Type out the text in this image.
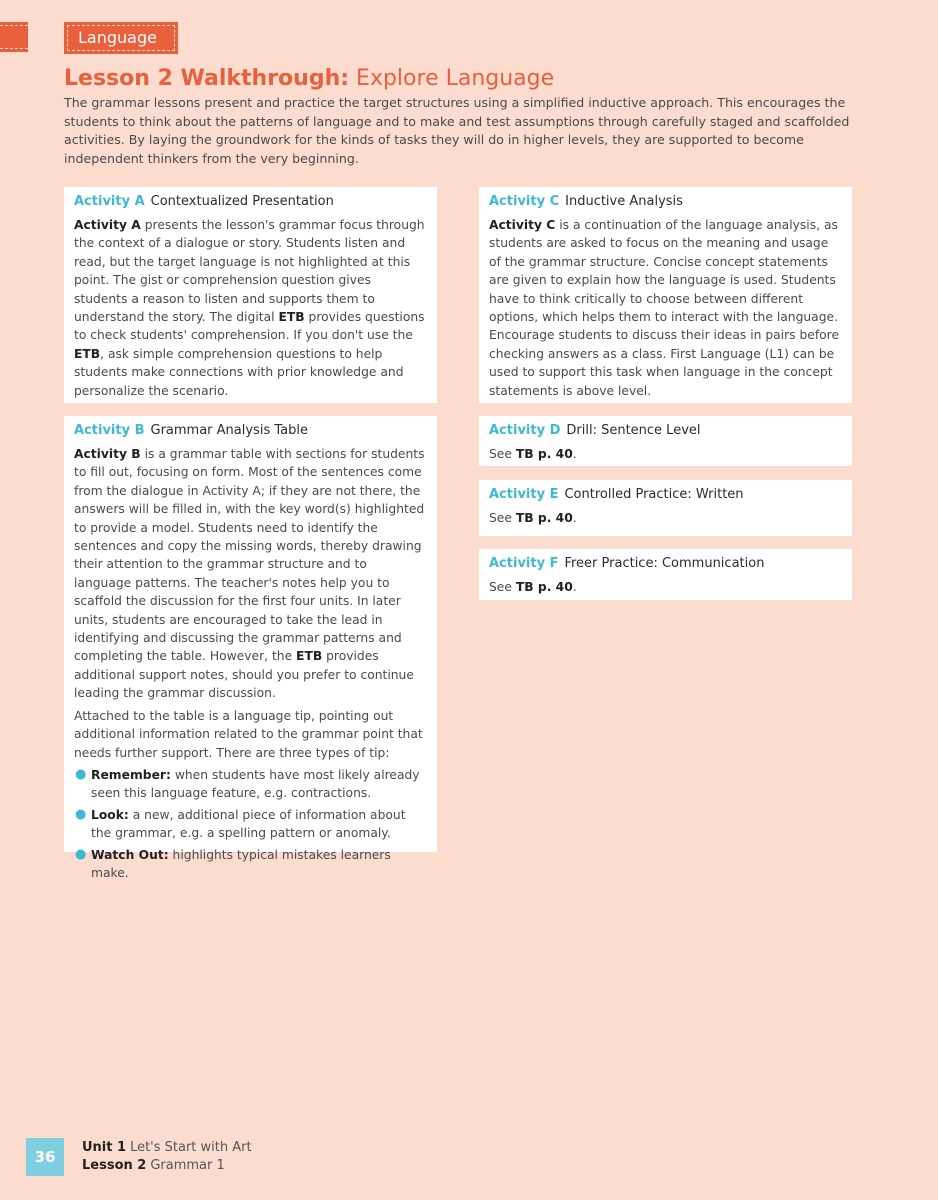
Language
Lesson 2 Walkthrough: Explore Language

The grammar lessons present and practice the target structures using a simplified inductive approach. This encourages the students to think about the patterns of language and to make and test assumptions through carefully staged and scaffolded activities. By laying the groundwork for the kinds of tasks they will do in higher levels, they are supported to become independent thinkers from the very beginning.

Activity A Contextualized Presentation

Activity A presents the lesson's grammar focus through the context of a dialogue or story. Students listen and read, but the target language is not highlighted at this point. The gist or comprehension question gives students a reason to listen and supports them to understand the story. The digital ETB provides questions to check students' comprehension. If you don't use the ETB, ask simple comprehension questions to help students make connections with prior knowledge and personalize the scenario.

Activity B Grammar Analysis Table

Activity B is a grammar table with sections for students to fill out, focusing on form. Most of the sentences come from the dialogue in Activity A; if they are not there, the answers will be filled in, with the key word(s) highlighted to provide a model. Students need to identify the sentences and copy the missing words, thereby drawing their attention to the grammar structure and to language patterns. The teacher's notes help you to scaffold the discussion for the first four units. In later units, students are encouraged to take the lead in identifying and discussing the grammar patterns and completing the table. However, the ETB provides additional support notes, should you prefer to continue leading the grammar discussion.

Attached to the table is a language tip, pointing out additional information related to the grammar point that needs further support. There are three types of tip:

● Remember: when students have most likely already seen this language feature, e.g. contractions.
● Look: a new, additional piece of information about the grammar, e.g. a spelling pattern or anomaly.
● Watch Out: highlights typical mistakes learners make.
Activity C Inductive Analysis

Activity C is a continuation of the language analysis, as students are asked to focus on the meaning and usage of the grammar structure. Concise concept statements are given to explain how the language is used. Students have to think critically to choose between different options, which helps them to interact with the language. Encourage students to discuss their ideas in pairs before checking answers as a class. First Language (L1) can be used to support this task when language in the concept statements is above level.

Activity D Drill: Sentence Level

See TB p. 40.

Activity E Controlled Practice: Written

See TB p. 40.

Activity F Freer Practice: Communication

See TB p. 40.

36
Unit 1 Let's Start with Art
Lesson 2 Grammar 1
